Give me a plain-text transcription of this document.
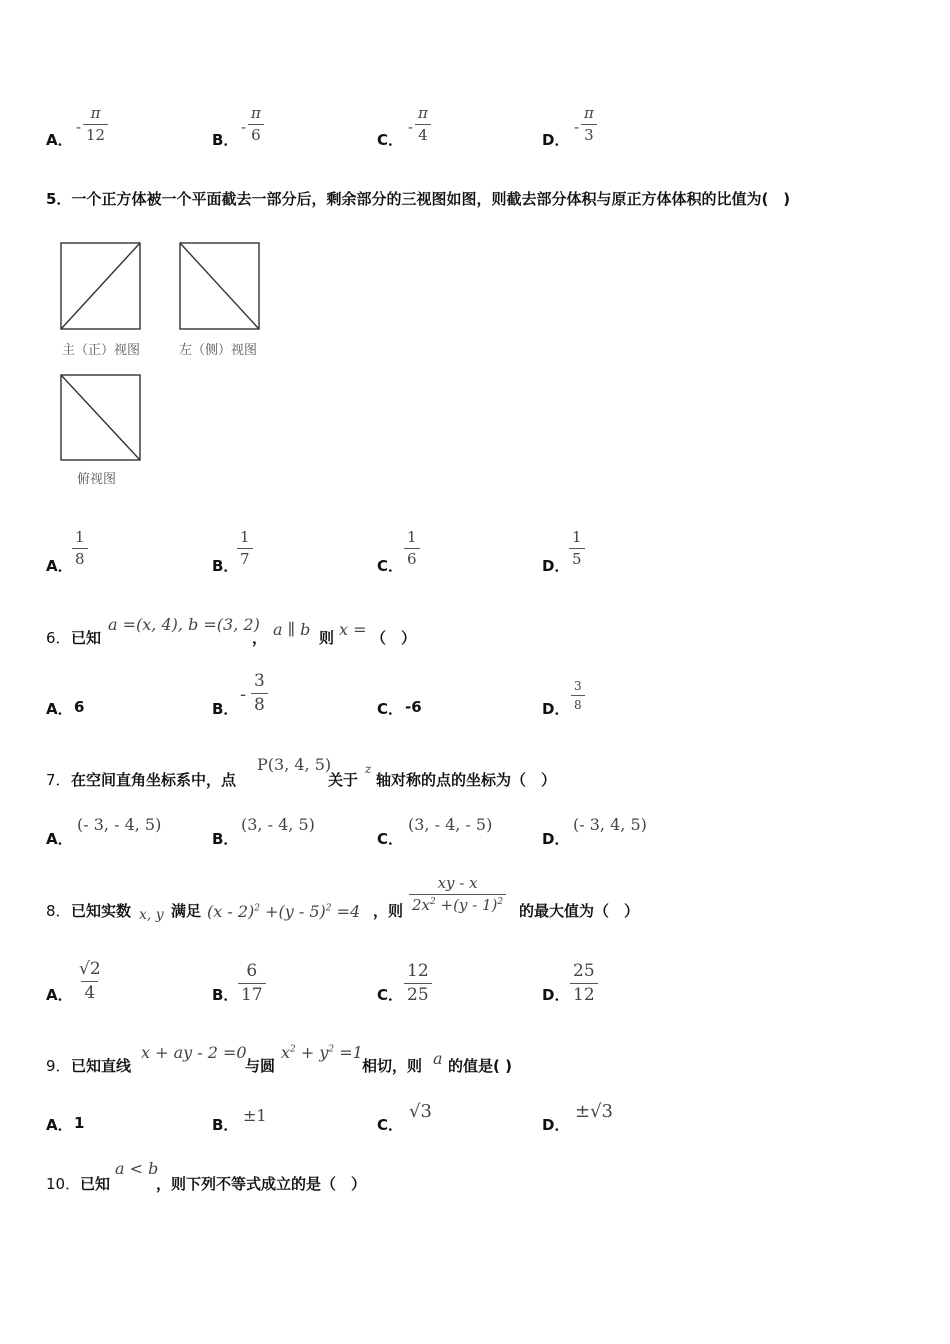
A．
- $\frac{\pi}{12}$	B．
- $\frac{\pi}{6}$	C．
- $\frac{\pi}{4}$	D．
- $\frac{\pi}{3}$
5．一个正方体被一个平面截去一部分后，剩余部分的三视图如图，则截去部分体积与原正方体体积的比值为(　)
主（正）视图	左（侧）视图
俯视图
A． $\frac{1}{8}$	B．
$\frac{1}{7}$	C． $\frac{1}{6}$	D． $\frac{1}{5}$
6． 已知
a =(x, 4), b =(3, 2)
， a ∥ b 则 x = （　）
A． 6	B．
- $\frac{3}{8}$	C． -6	D． $\frac{3}{8}$
7． 在空间直角坐标系中，点
P(3, 4, 5)
关于
z
轴对称的点的坐标为（　）
A．
(- 3, - 4, 5)
B．
(3, - 4, 5)
C．
(3, - 4, - 5)
D．
(- 3, 4, 5)
8． 已知实数 x, y 满足 (x - 2)$^2$ +(y - 5)$^2$ =4 ，则 $\frac{xy - x}{2x^2 +(y - 1)^2}$ 的最大值为（　）
A． $\frac{√2}{4}$	B． $\frac{6}{17}$	C． $\frac{12}{25}$	D． $\frac{25}{12}$
9． 已知直线
x + ay - 2 =0
与圆
$x^2 + y^2 =1$
相切，则 a 的值是( )
A． 1	B． ±1	C．
√3
D．
±√3
10． 已知
a < b
，则下列不等式成立的是（　）
